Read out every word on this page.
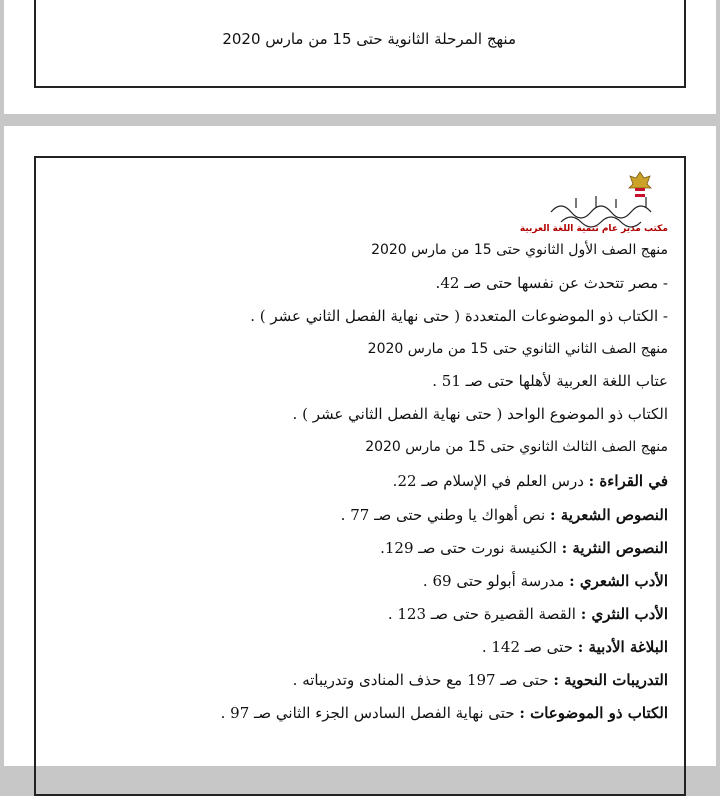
منهج المرحلة الثانوية حتى 15 من مارس 2020
مكتب مدير عام تنمية اللغة العربية
منهج الصف الأول الثانوي حتى 15 من مارس 2020
- مصر تتحدث عن نفسها حتى صـ 42.
- الكتاب ذو الموضوعات المتعددة ( حتى نهاية الفصل الثاني عشر ) .
منهج الصف الثاني الثانوي حتى 15 من مارس 2020
عتاب اللغة العربية لأهلها حتى صـ 51 .
الكتاب ذو الموضوع الواحد ( حتى نهاية الفصل الثاني عشر ) .
منهج الصف الثالث الثانوي حتى 15 من مارس 2020
في القراءة : درس العلم في الإسلام صـ 22.
النصوص الشعرية : نص أهواك يا وطني حتى صـ 77 .
النصوص النثرية : الكنيسة نورت حتى صـ 129.
الأدب الشعري : مدرسة أبولو حتى 69 .
الأدب النثري : القصة القصيرة حتى صـ 123 .
البلاغة الأدبية : حتى صـ 142 .
التدريبات النحوية : حتى صـ 197 مع حذف المنادى وتدريباته .
الكتاب ذو الموضوعات : حتى نهاية الفصل السادس الجزء الثاني صـ 97 .
